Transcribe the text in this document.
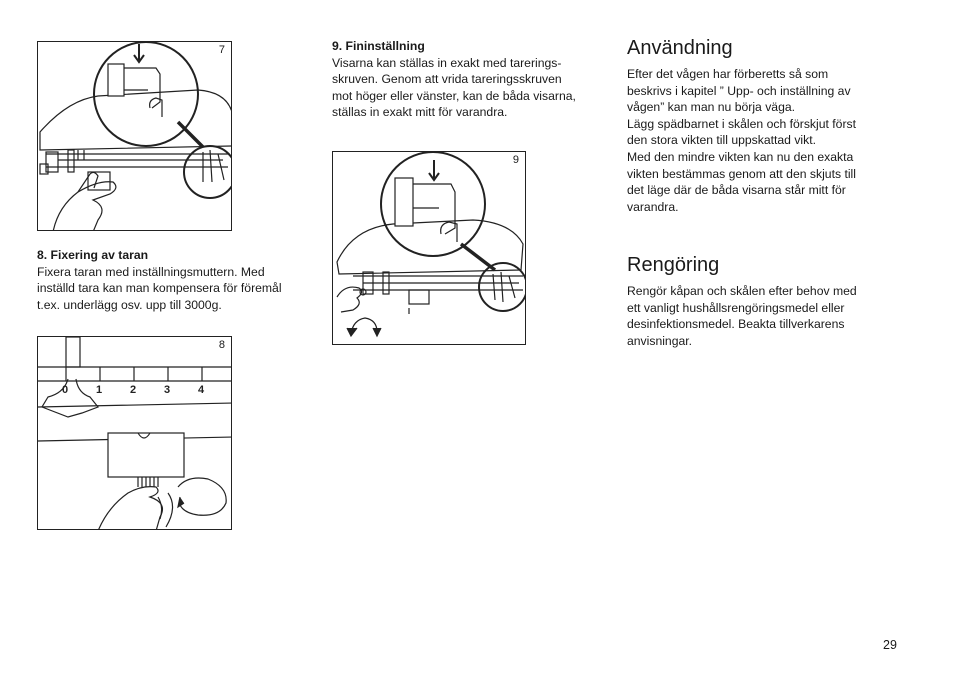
7

8. Fixering av taran

Fixera taran med inställningsmuttern. Med

inställd tara kan man kompensera för föremål

t.ex. underlägg osv. upp till 3000g.

0	1	2	3	4
8

9. Fininställning

Visarna kan ställas in exakt med tarerings-

skruven. Genom att vrida tareringsskruven

mot höger eller vänster, kan de båda visarna,

ställas in exakt mitt för varandra.

9
Användning

Efter det vågen har förberetts så som

beskrivs i kapitel ” Upp- och inställning av

vågen” kan man nu börja väga.

Lägg spädbarnet i skålen och förskjut först

den stora vikten till uppskattad vikt.

Med den mindre vikten kan nu den exakta

vikten bestämmas genom att den skjuts till

det läge där de båda visarna står mitt för

varandra.

Rengöring

Rengör kåpan och skålen efter behov med

ett vanligt hushållsrengöringsmedel eller

desinfektionsmedel. Beakta tillverkarens

anvisningar.

29
